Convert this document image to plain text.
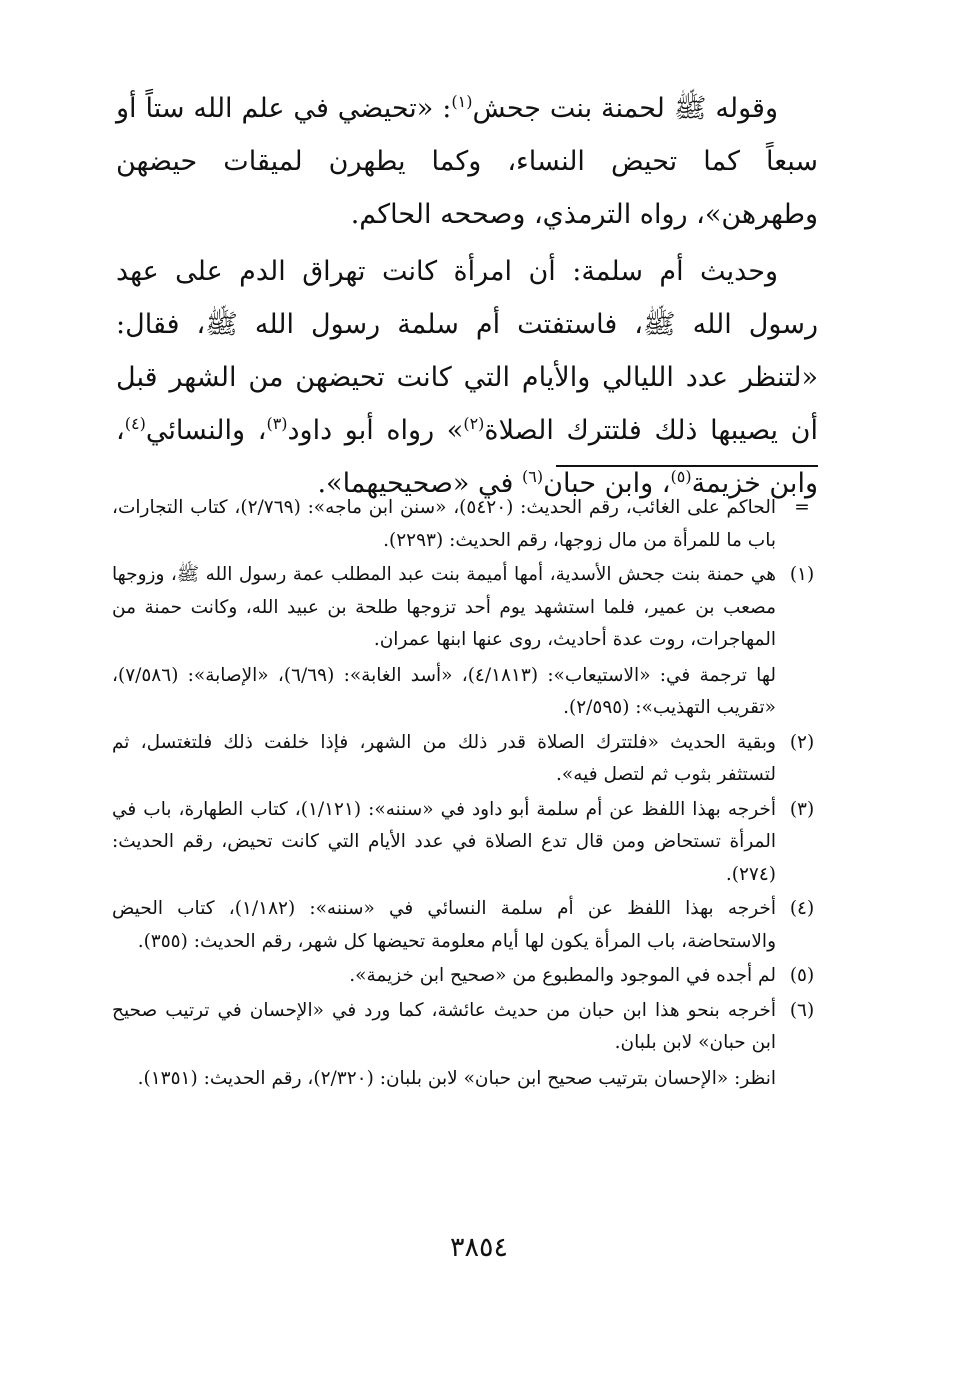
وقوله ﷺ لحمنة بنت جحش$^{(١)}$: «تحيضي في علم الله ستاً أو سبعاً كما تحيض النساء، وكما يطهرن لميقات حيضهن وطهرهن»، رواه الترمذي، وصححه الحاكم.

وحديث أم سلمة: أن امرأة كانت تهراق الدم على عهد رسول الله ﷺ، فاستفتت أم سلمة رسول الله ﷺ، فقال: «لتنظر عدد الليالي والأيام التي كانت تحيضهن من الشهر قبل أن يصيبها ذلك فلتترك الصلاة$^{(٢)}$» رواه أبو داود$^{(٣)}$، والنسائي$^{(٤)}$، وابن خزيمة$^{(٥)}$، وابن حبان$^{(٦)}$ في «صحيحيهما».

=

الحاكم على الغائب، رقم الحديث: (٥٤٢٠)، «سنن ابن ماجه»: (٢/٧٦٩)، كتاب التجارات، باب ما للمرأة من مال زوجها، رقم الحديث: (٢٢٩٣).

(١)

هي حمنة بنت جحش الأسدية، أمها أميمة بنت عبد المطلب عمة رسول الله ﷺ، وزوجها مصعب بن عمير، فلما استشهد يوم أحد تزوجها طلحة بن عبيد الله، وكانت حمنة من المهاجرات، روت عدة أحاديث، روى عنها ابنها عمران.

لها ترجمة في: «الاستيعاب»: (٤/١٨١٣)، «أسد الغابة»: (٦/٦٩)، «الإصابة»: (٧/٥٨٦)، «تقريب التهذيب»: (٢/٥٩٥).

(٢)

وبقية الحديث «فلتترك الصلاة قدر ذلك من الشهر، فإذا خلفت ذلك فلتغتسل، ثم لتستثفر بثوب ثم لتصل فيه».

(٣)

أخرجه بهذا اللفظ عن أم سلمة أبو داود في «سننه»: (١/١٢١)، كتاب الطهارة، باب في المرأة تستحاض ومن قال تدع الصلاة في عدد الأيام التي كانت تحيض، رقم الحديث: (٢٧٤).

(٤)

أخرجه بهذا اللفظ عن أم سلمة النسائي في «سننه»: (١/١٨٢)، كتاب الحيض والاستحاضة، باب المرأة يكون لها أيام معلومة تحيضها كل شهر، رقم الحديث: (٣٥٥).

(٥)

لم أجده في الموجود والمطبوع من «صحيح ابن خزيمة».

(٦)

أخرجه بنحو هذا ابن حبان من حديث عائشة، كما ورد في «الإحسان في ترتيب صحيح ابن حبان» لابن بلبان.

انظر: «الإحسان بترتيب صحيح ابن حبان» لابن بلبان: (٢/٣٢٠)، رقم الحديث: (١٣٥١).

٣٨٥٤
